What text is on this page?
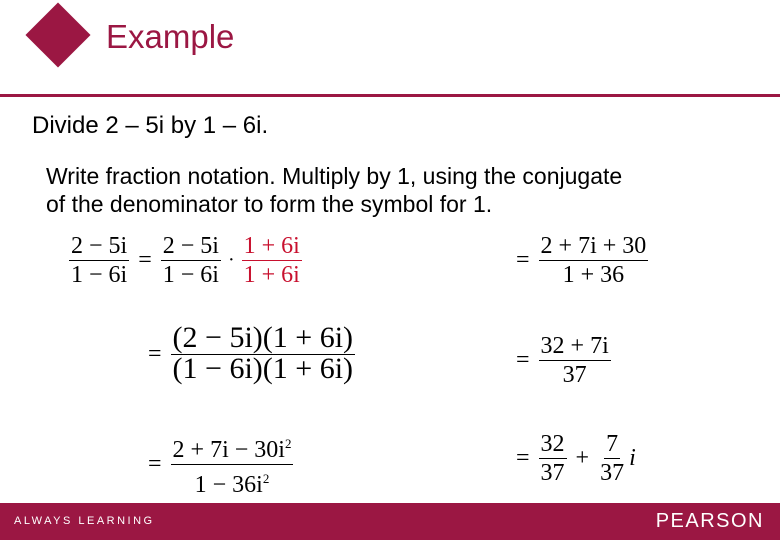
Example
Divide 2 – 5i by 1 – 6i.
Write fraction notation. Multiply by 1, using the conjugate
of the denominator to form the symbol for 1.
$\frac{2 - 5i}{1 - 6i} = \frac{2 - 5i}{1 - 6i} \cdot \frac{1 + 6i}{1 + 6i}$
= $\frac{(2 - 5i)(1 + 6i)}{(1 - 6i)(1 + 6i)}$
= $\frac{2 + 7i - 30i^2}{1 - 36i^2}$
= $\frac{2 + 7i + 30}{1 + 36}$
= $\frac{32 + 7i}{37}$
= $\frac{32}{37} + \frac{7}{37}$ i
ALWAYS LEARNING	PEARSON
